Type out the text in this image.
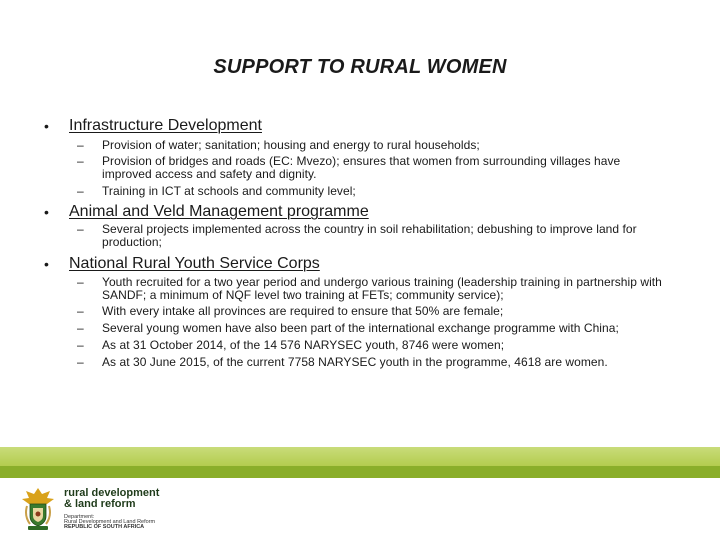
SUPPORT TO RURAL WOMEN
• Infrastructure Development
– Provision of water; sanitation; housing and energy to rural households;
– Provision of bridges and roads (EC: Mvezo); ensures that women from surrounding villages have improved access and safety and dignity.
– Training in ICT at schools and community level;
• Animal and Veld Management programme
– Several projects implemented across the country in soil rehabilitation; debushing to improve land for production;
• National Rural Youth Service Corps
– Youth recruited for a two year period and undergo various training (leadership training in partnership with SANDF; a minimum of NQF level two training at FETs; community service);
– With every intake all provinces are required to ensure that 50% are female;
– Several young women have also been part of the international exchange programme with China;
– As at 31 October 2014, of the 14 576 NARYSEC youth, 8746 were women;
– As at 30 June 2015, of the current 7758 NARYSEC youth in the programme, 4618 are women.
rural development
& land reform
Department:
Rural Development and Land Reform
REPUBLIC OF SOUTH AFRICA
